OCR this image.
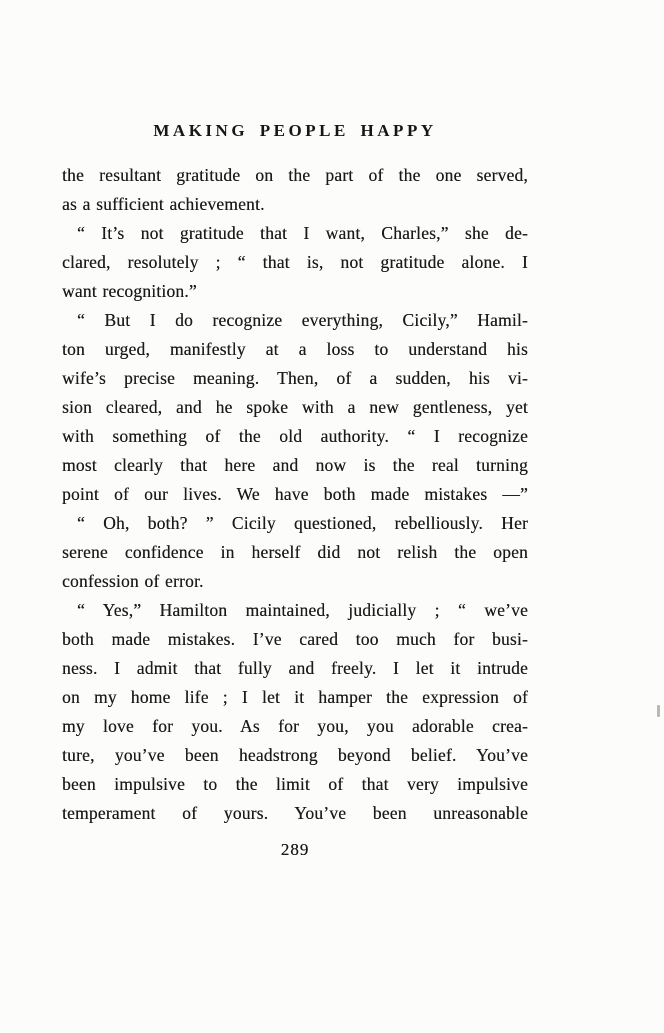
MAKING PEOPLE HAPPY
the resultant gratitude on the part of the one served,
as a sufficient achievement.
“ It’s not gratitude that I want, Charles,” she de-
clared, resolutely ; “ that is, not gratitude alone. I
want recognition.”
“ But I do recognize everything, Cicily,” Hamil-
ton urged, manifestly at a loss to understand his
wife’s precise meaning. Then, of a sudden, his vi-
sion cleared, and he spoke with a new gentleness, yet
with something of the old authority. “ I recognize
most clearly that here and now is the real turning
point of our lives. We have both made mistakes —”
“ Oh, both? ” Cicily questioned, rebelliously. Her
serene confidence in herself did not relish the open
confession of error.
“ Yes,” Hamilton maintained, judicially ; “ we’ve
both made mistakes. I’ve cared too much for busi-
ness. I admit that fully and freely. I let it intrude
on my home life ; I let it hamper the expression of
my love for you. As for you, you adorable crea-
ture, you’ve been headstrong beyond belief. You’ve
been impulsive to the limit of that very impulsive
temperament of yours. You’ve been unreasonable
289
